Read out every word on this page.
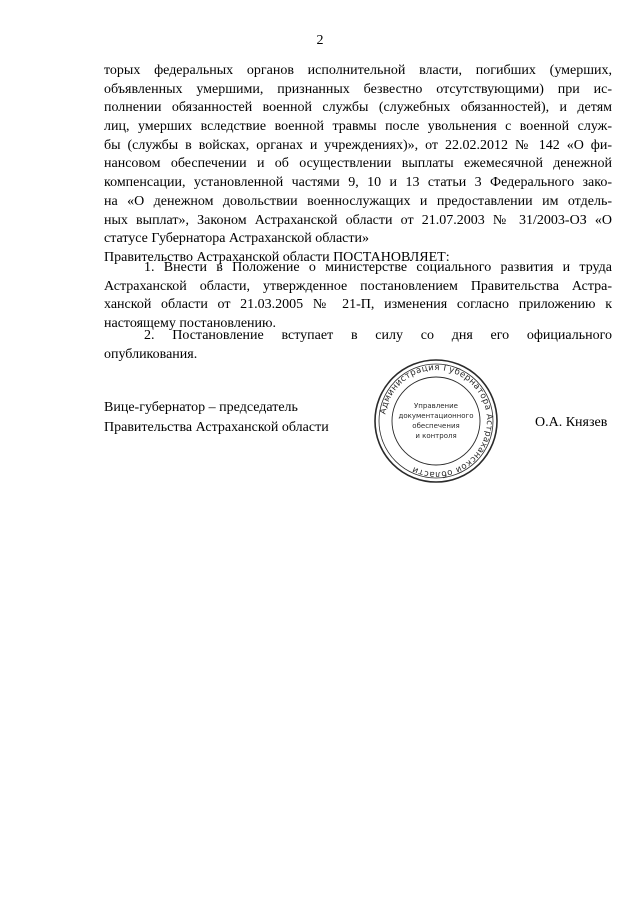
2
торых федеральных органов исполнительной власти, погибших (умерших,
объявленных умершими, признанных безвестно отсутствующими) при ис-
полнении обязанностей военной службы (служебных обязанностей), и детям
лиц, умерших вследствие военной травмы после увольнения с военной служ-
бы (службы в войсках, органах и учреждениях)», от 22.02.2012 № 142 «О фи-
нансовом обеспечении и об осуществлении выплаты ежемесячной денежной
компенсации, установленной частями 9, 10 и 13 статьи 3 Федерального зако-
на «О денежном довольствии военнослужащих и предоставлении им отдель-
ных выплат», Законом Астраханской области от 21.07.2003 № 31/2003-ОЗ «О
статусе Губернатора Астраханской области»
Правительство Астраханской области ПОСТАНОВЛЯЕТ:
1. Внести в Положение о министерстве социального развития и труда
Астраханской области, утвержденное постановлением Правительства Астра-
ханской области от 21.03.2005 № 21-П, изменения согласно приложению к
настоящему постановлению.
2. Постановление вступает в силу со дня его официального
опубликования.
Вице-губернатор – председатель
Правительства Астраханской области	О.А. Князев
Администрация Губернатора Астраханской области
Управление
документационного
обеспечения
и контроля
